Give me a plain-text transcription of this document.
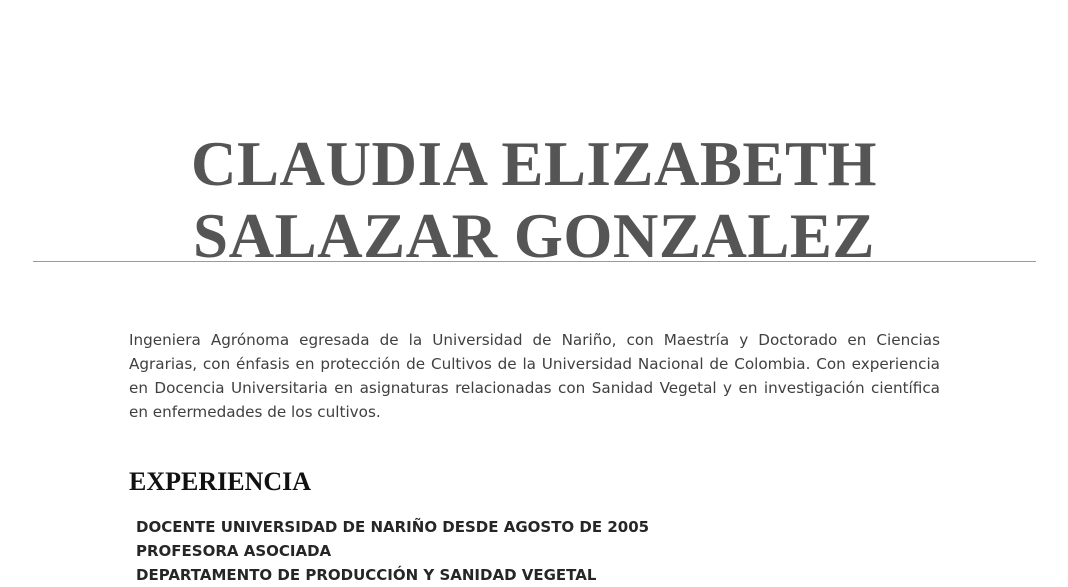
CLAUDIA ELIZABETH
SALAZAR GONZALEZ

Ingeniera Agrónoma egresada de la Universidad de Nariño, con Maestría y Doctorado en Ciencias Agrarias, con énfasis en protección de Cultivos de la Universidad Nacional de Colombia. Con experiencia en Docencia Universitaria en asignaturas relacionadas con Sanidad Vegetal y en investigación científica en enfermedades de los cultivos.

EXPERIENCIA
DOCENTE UNIVERSIDAD DE NARIÑO DESDE AGOSTO DE 2005
PROFESORA ASOCIADA
DEPARTAMENTO DE PRODUCCIÓN Y SANIDAD VEGETAL
